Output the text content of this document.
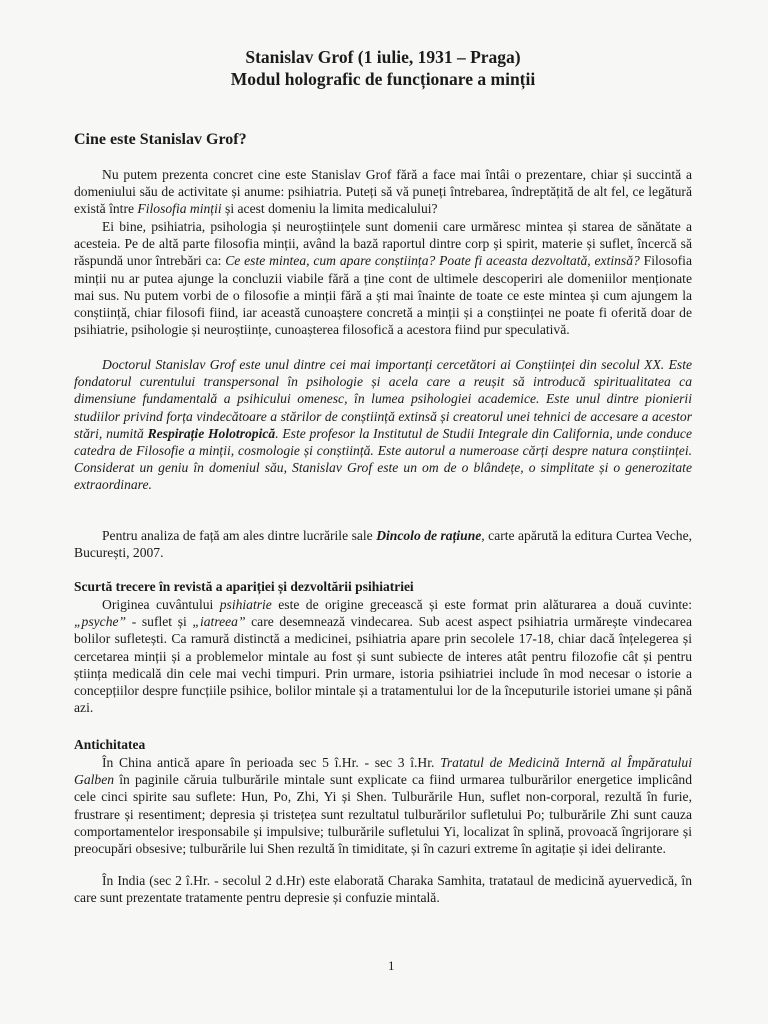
Stanislav Grof (1 iulie, 1931 – Praga)
Modul holografic de funcționare a minții
Cine este Stanislav Grof?

Nu putem prezenta concret cine este Stanislav Grof fără a face mai întâi o prezentare, chiar și succintă a domeniului său de activitate și anume: psihiatria. Puteți să vă puneți întrebarea, îndreptățită de alt fel, ce legătură există între Filosofia minții și acest domeniu la limita medicalului?

Ei bine, psihiatria, psihologia și neuroștiințele sunt domenii care urmăresc mintea și starea de sănătate a acesteia. Pe de altă parte filosofia minții, având la bază raportul dintre corp și spirit, materie și suflet, încercă să răspundă unor întrebări ca: Ce este mintea, cum apare conștiința? Poate fi aceasta dezvoltată, extinsă? Filosofia minții nu ar putea ajunge la concluzii viabile fără a ține cont de ultimele descoperiri ale domeniilor menționate mai sus. Nu putem vorbi de o filosofie a minții fără a ști mai înainte de toate ce este mintea și cum ajungem la conștiință, chiar filosofi fiind, iar această cunoaștere concretă a minții și a conștiinței ne poate fi oferită doar de psihiatrie, psihologie și neuroștiințe, cunoașterea filosofică a acestora fiind pur speculativă.

Doctorul Stanislav Grof este unul dintre cei mai importanți cercetători ai Conștiinței din secolul XX. Este fondatorul curentului transpersonal în psihologie și acela care a reușit să introducă spiritualitatea ca dimensiune fundamentală a psihicului omenesc, în lumea psihologiei academice. Este unul dintre pionierii studiilor privind forța vindecătoare a stărilor de conștiință extinsă și creatorul unei tehnici de accesare a acestor stări, numită Respirație Holotropică. Este profesor la Institutul de Studii Integrale din California, unde conduce catedra de Filosofie a minții, cosmologie și conștiință. Este autorul a numeroase cărți despre natura conștiinței. Considerat un geniu în domeniul său, Stanislav Grof este un om de o blândețe, o simplitate și o generozitate extraordinare.

Pentru analiza de față am ales dintre lucrările sale Dincolo de rațiune, carte apărută la editura Curtea Veche, București, 2007.

Scurtă trecere în revistă a apariției și dezvoltării psihiatriei

Originea cuvântului psihiatrie este de origine grecească și este format prin alăturarea a două cuvinte: „psyche” - suflet și „iatreea” care desemnează vindecarea. Sub acest aspect psihiatria urmărește vindecarea bolilor sufletești. Ca ramură distinctă a medicinei, psihiatria apare prin secolele 17-18, chiar dacă înțelegerea și cercetarea minții și a problemelor mintale au fost și sunt subiecte de interes atât pentru filozofie cât și pentru știința medicală din cele mai vechi timpuri. Prin urmare, istoria psihiatriei include în mod necesar o istorie a concepțiilor despre funcțiile psihice, bolilor mintale și a tratamentului lor de la începuturile istoriei umane și până azi.

Antichitatea

În China antică apare în perioada sec 5 î.Hr. - sec 3 î.Hr. Tratatul de Medicină Internă al Împăratului Galben în paginile căruia tulburările mintale sunt explicate ca fiind urmarea tulburărilor energetice implicând cele cinci spirite sau suflete: Hun, Po, Zhi, Yi și Shen. Tulburările Hun, suflet non-corporal, rezultă în furie, frustrare și resentiment; depresia și tristețea sunt rezultatul tulburărilor sufletului Po; tulburările Zhi sunt cauza comportamentelor iresponsabile și impulsive; tulburările sufletului Yi, localizat în splină, provoacă îngrijorare și preocupări obsesive; tulburările lui Shen rezultă în timiditate, și în cazuri extreme în agitație și idei delirante.

În India (sec 2 î.Hr. - secolul 2 d.Hr) este elaborată Charaka Samhita, tratataul de medicină ayuervedică, în care sunt prezentate tratamente pentru depresie și confuzie mintală.

1
